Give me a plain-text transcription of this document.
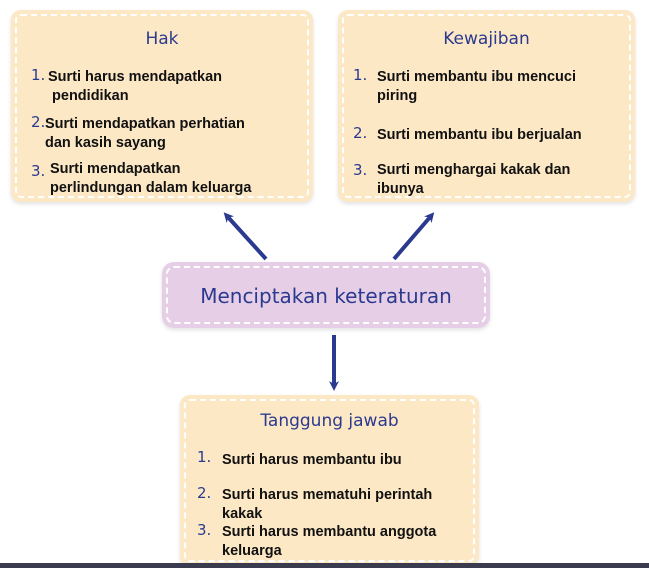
Hak
1. Surti harus mendapatkan
pendidikan
2. Surti mendapatkan perhatian
dan kasih sayang
3. Surti mendapatkan
perlindungan dalam keluarga
Kewajiban
1. Surti membantu ibu mencuci
piring
2. Surti membantu ibu berjualan
3. Surti menghargai kakak dan
ibunya
Menciptakan keteraturan
Tanggung jawab
1. Surti harus membantu ibu
2. Surti harus mematuhi perintah
kakak
3. Surti harus membantu anggota
keluarga
